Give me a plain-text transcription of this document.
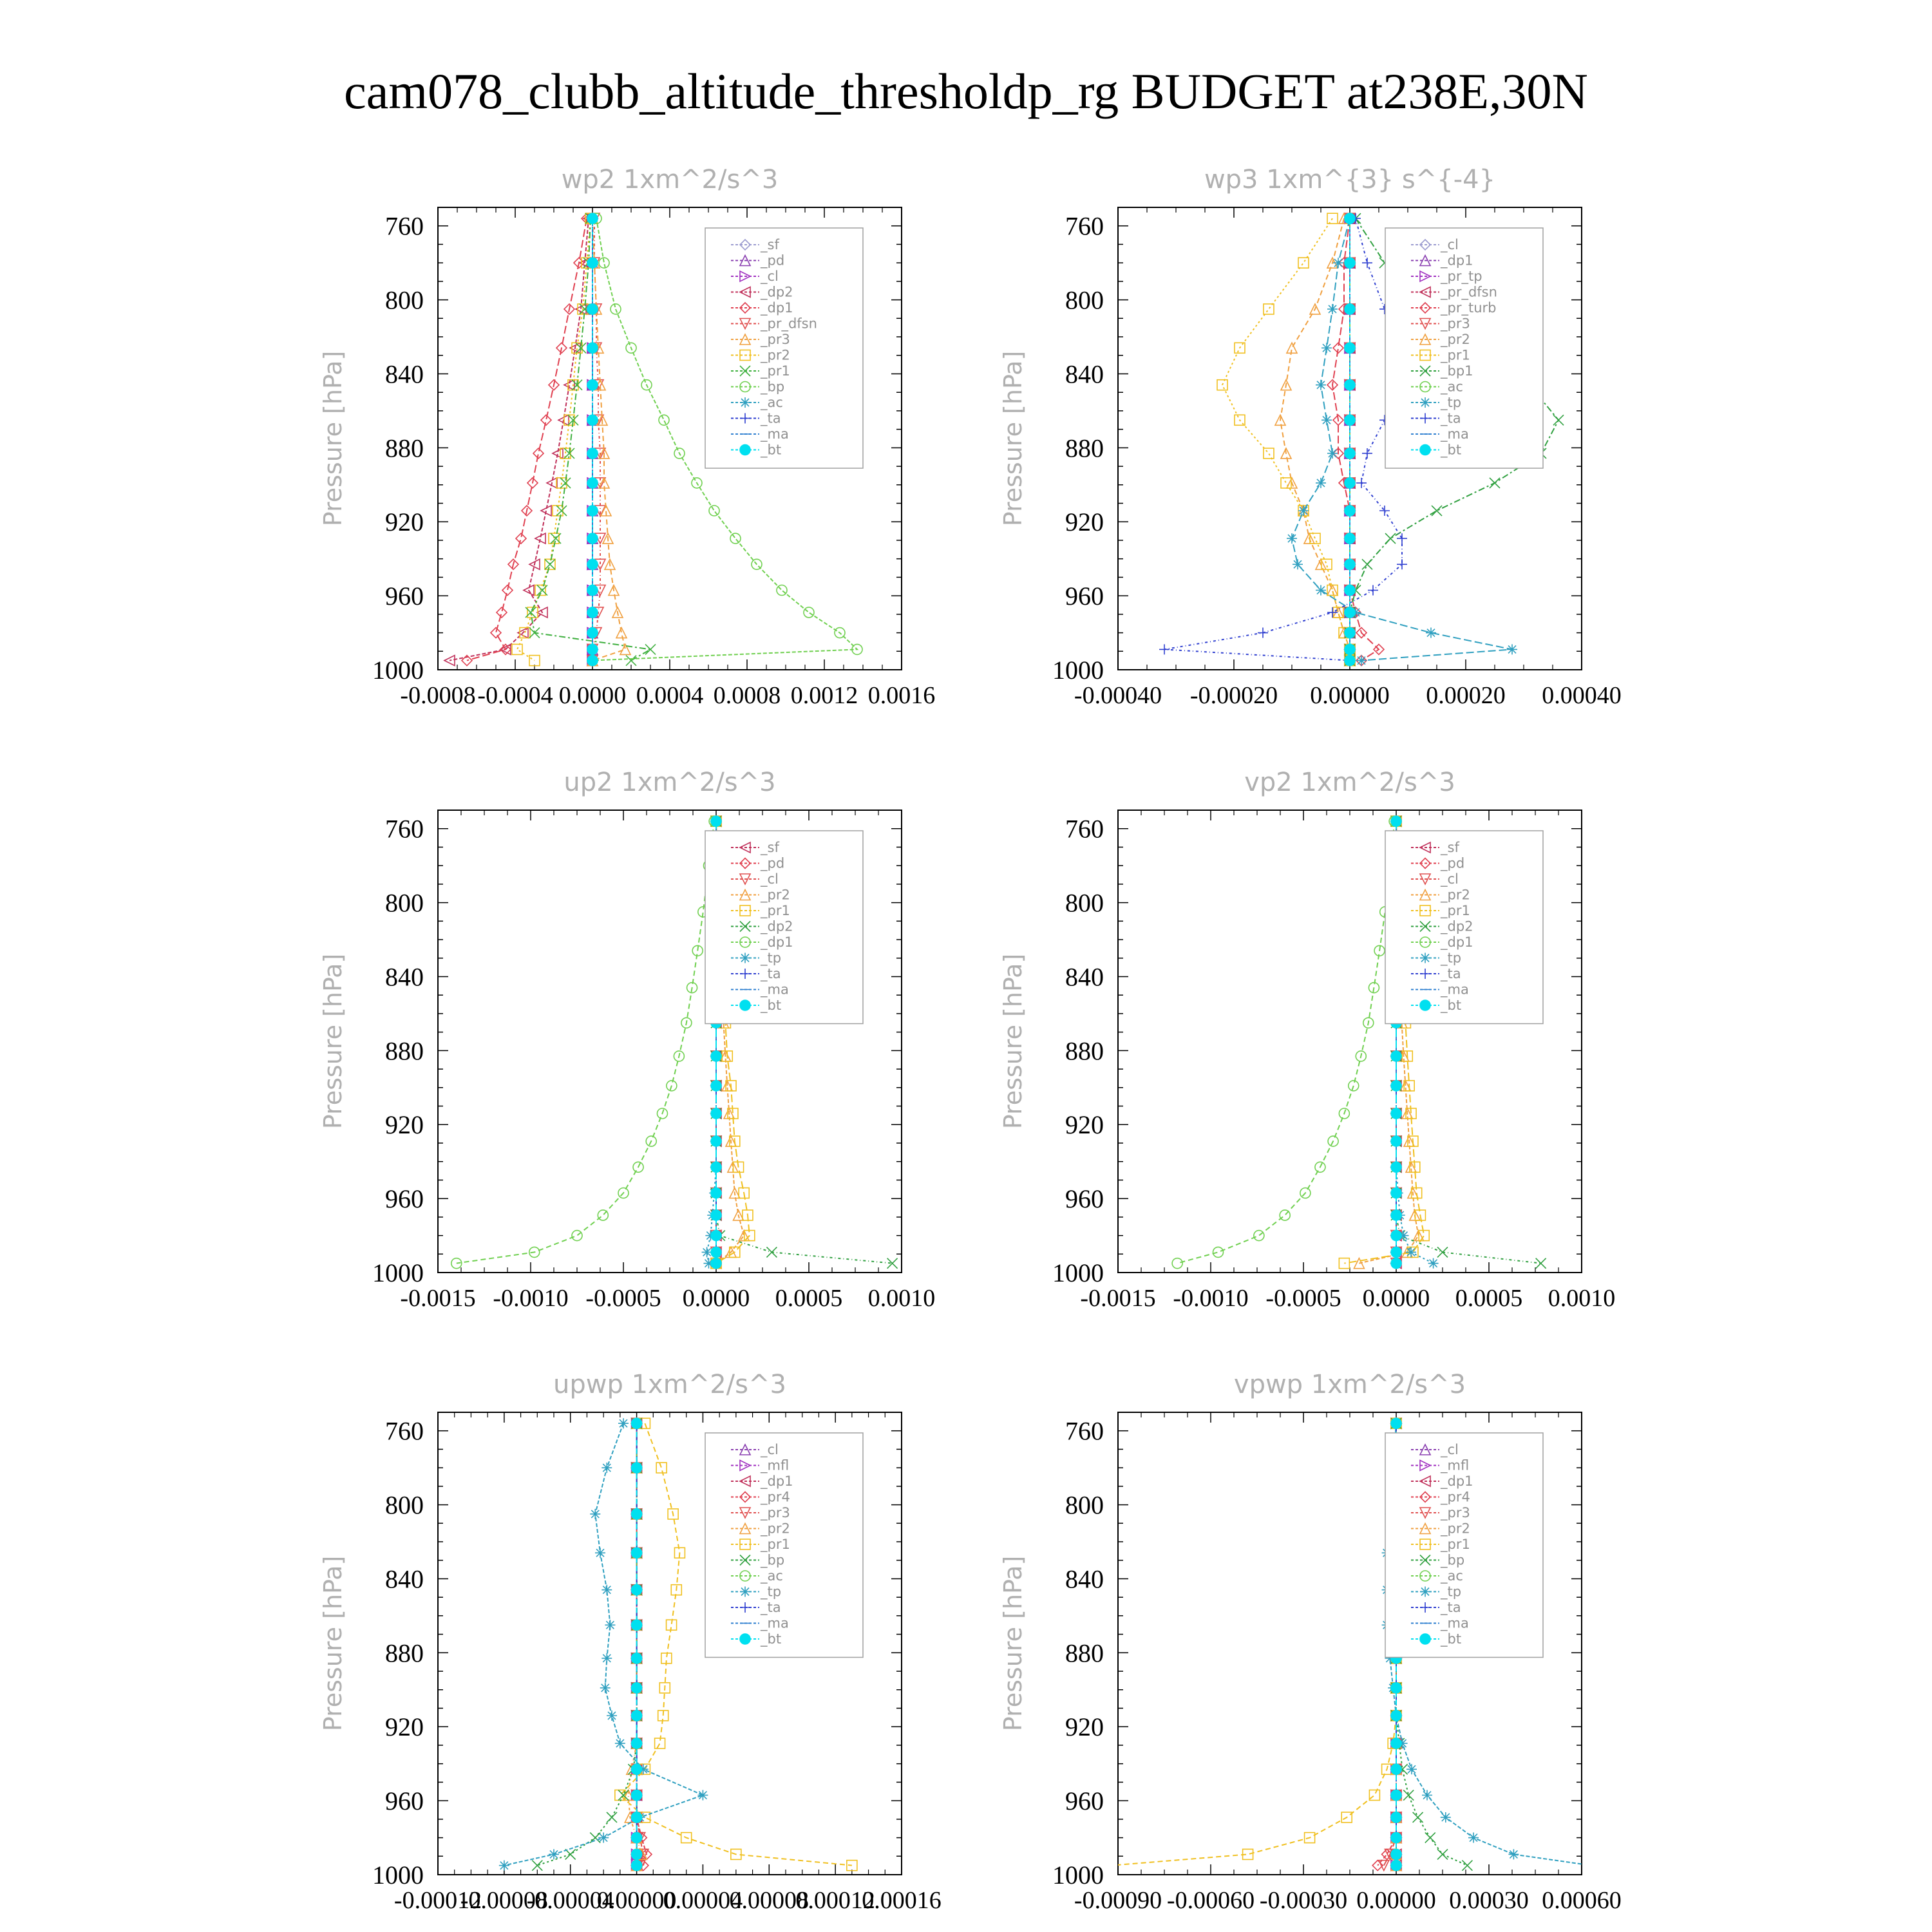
cam078_clubb_altitude_thresholdp_rg BUDGET at238E,30N
wp2 1xm^2/s^3
Pressure [hPa]
760
800
840
880
920
960
1000
-0.0008 -0.0004 0.0000 0.0004 0.0008 0.0012 0.0016
_sf
_pd
_cl
_dp2
_dp1
_pr_dfsn
_pr3
_pr2
_pr1
_bp
_ac
_ta
_ma
_bt
wp3 1xm^{3} s^{-4}
Pressure [hPa]
760
800
840
880
920
960
1000
-0.00040 -0.00020 0.00000 0.00020 0.00040
_cl
_dp1
_pr_tp
_pr_dfsn
_pr_turb
_pr3
_pr2
_pr1
_bp1
_ac
_tp
_ta
_ma
_bt
up2 1xm^2/s^3
Pressure [hPa]
760
800
840
880
920
960
1000
-0.0015 -0.0010 -0.0005 0.0000 0.0005 0.0010
_sf
_pd
_cl
_pr2
_pr1
_dp2
_dp1
_tp
_ta
_ma
_bt
vp2 1xm^2/s^3
Pressure [hPa]
760
800
840
880
920
960
1000
-0.0015 -0.0010 -0.0005 0.0000 0.0005 0.0010
_sf
_pd
_cl
_pr2
_pr1
_dp2
_dp1
_tp
_ta
_ma
_bt
upwp 1xm^2/s^3
Pressure [hPa]
760
800
840
880
920
960
1000
-0.00012
-0.00008
-0.00004
0.00000
0.00004
0.00008
0.00012
0.00016
_cl
_mfl
_dp1
_pr4
_pr3
_pr2
_pr1
_bp
_ac
_tp
_ta
_ma
_bt
vpwp 1xm^2/s^3
Pressure [hPa]
760
800
840
880
920
960
1000
-0.00090 -0.00060 -0.00030 0.00000 0.00030 0.00060
_cl
_mfl
_dp1
_pr4
_pr3
_pr2
_pr1
_bp
_ac
_tp
_ta
_ma
_bt
